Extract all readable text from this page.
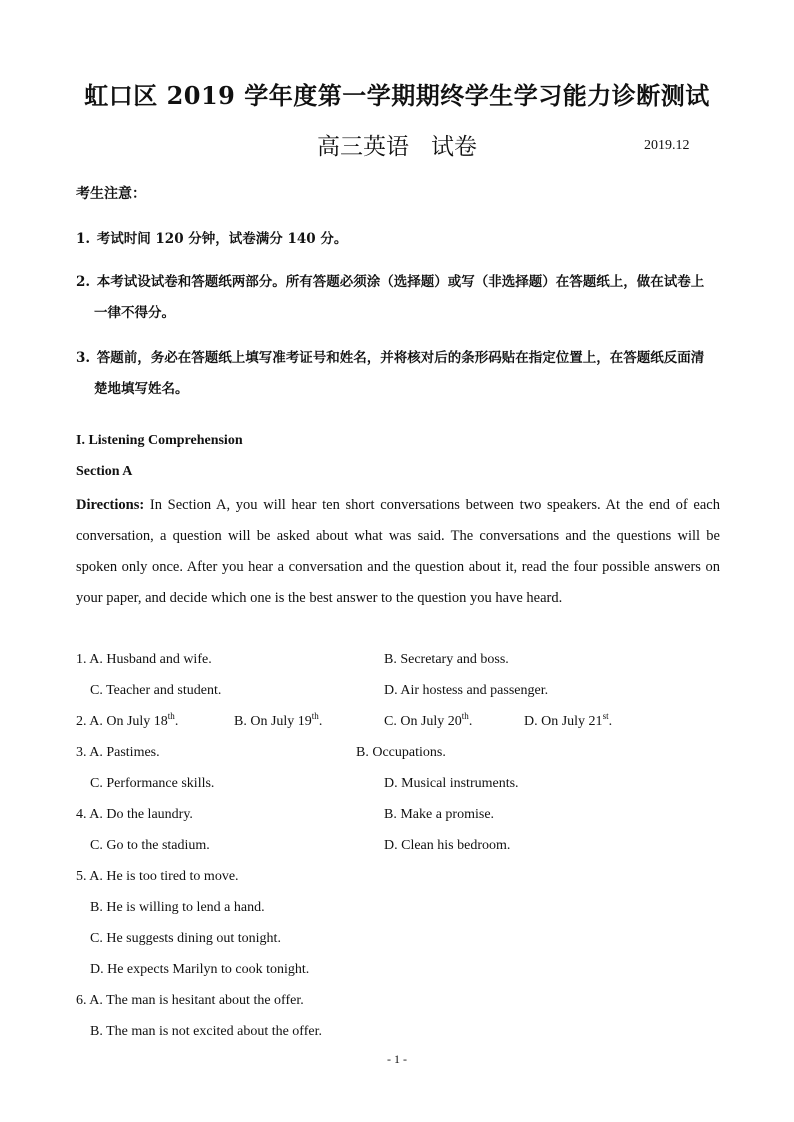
虹口区 2019 学年度第一学期期终学生学习能力诊断测试
高三英语 试卷	2019.12
考生注意：
1. 考试时间 120 分钟，试卷满分 140 分。
2. 本考试设试卷和答题纸两部分。所有答题必须涂（选择题）或写（非选择题）在答题纸上，做在试卷上
一律不得分。
3. 答题前，务必在答题纸上填写准考证号和姓名，并将核对后的条形码贴在指定位置上，在答题纸反面清
楚地填写姓名。
I. Listening Comprehension
Section A
Directions: In Section A, you will hear ten short conversations between two speakers. At the end of each conversation, a question will be asked about what was said. The conversations and the questions will be spoken only once. After you hear a conversation and the question about it, read the four possible answers on your paper, and decide which one is the best answer to the question you have heard.
1. A. Husband and wife.	B. Secretary and boss.
C. Teacher and student.	D. Air hostess and passenger.
2. A. On July 18th.	B. On July 19th.	C. On July 20th.	D. On July 21st.
3. A. Pastimes.	B. Occupations.
C. Performance skills.	D. Musical instruments.
4. A. Do the laundry.	B. Make a promise.
C. Go to the stadium.	D. Clean his bedroom.
5. A. He is too tired to move.
B. He is willing to lend a hand.
C. He suggests dining out tonight.
D. He expects Marilyn to cook tonight.
6. A. The man is hesitant about the offer.
B. The man is not excited about the offer.
- 1 -
